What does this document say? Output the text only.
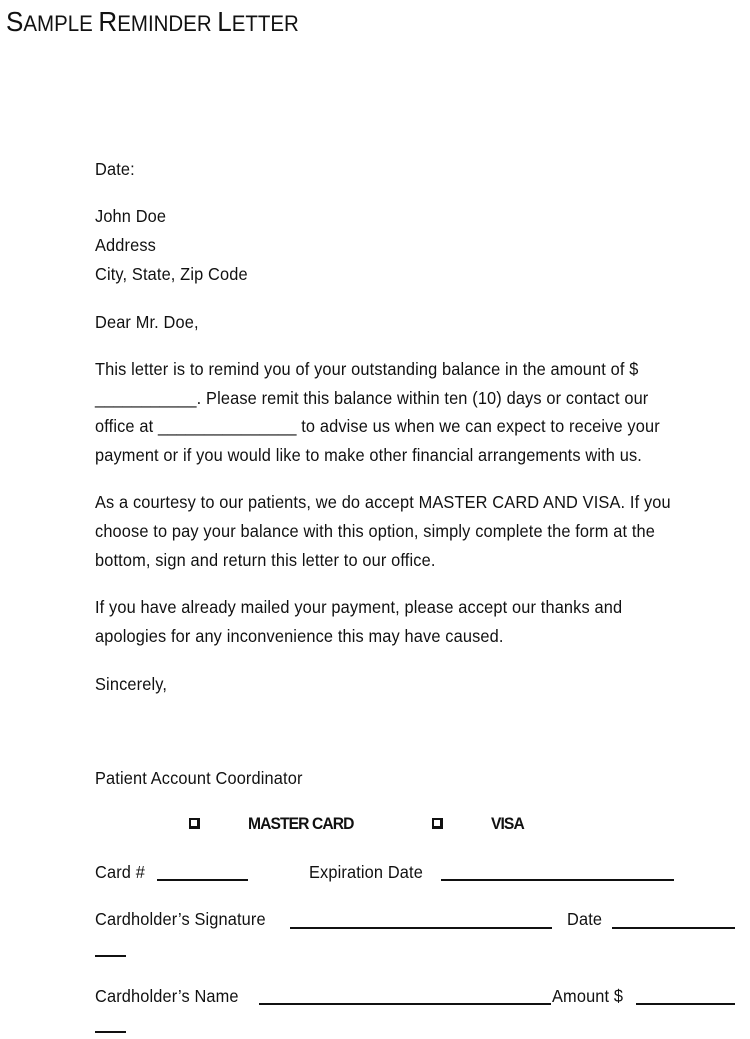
SAMPLE REMINDER LETTER
Date:
John Doe
Address
City, State, Zip Code
Dear Mr. Doe,
This letter is to remind you of your outstanding balance in the amount of $
___________. Please remit this balance within ten (10) days or contact our
office at _______________ to advise us when we can expect to receive your
payment or if you would like to make other financial arrangements with us.
As a courtesy to our patients, we do accept MASTER CARD AND VISA. If you
choose to pay your balance with this option, simply complete the form at the
bottom, sign and return this letter to our office.
If you have already mailed your payment, please accept our thanks and
apologies for any inconvenience this may have caused.
Sincerely,
Patient Account Coordinator
MASTER CARD	VISA
Card #	Expiration Date
Cardholder’s Signature	Date
Cardholder’s Name	Amount $
